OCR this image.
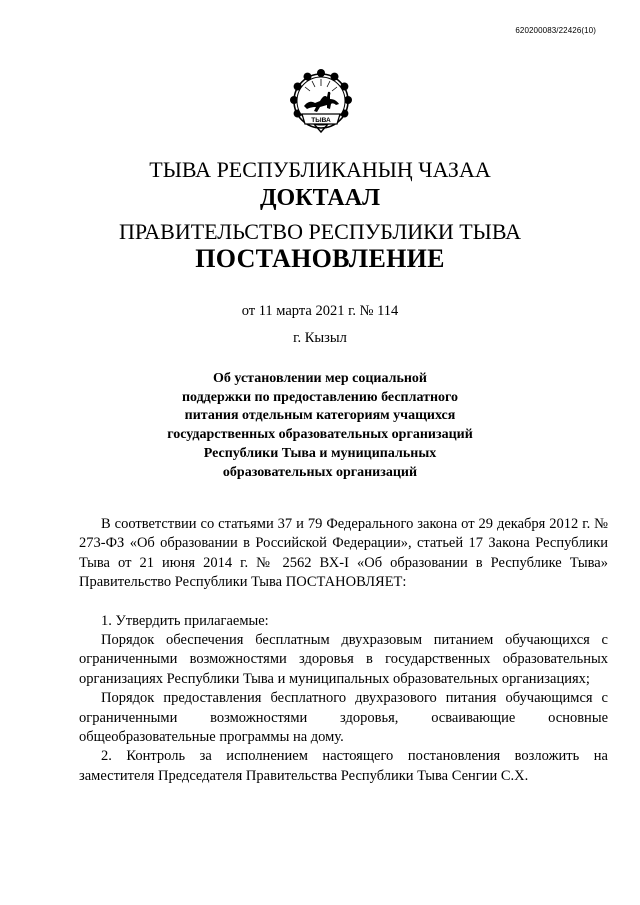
620200083/22426(10)
ТЫВА
ТЫВА РЕСПУБЛИКАНЫҢ ЧАЗАА
ДОКТААЛ
ПРАВИТЕЛЬСТВО РЕСПУБЛИКИ ТЫВА
ПОСТАНОВЛЕНИЕ
от 11 марта 2021 г. № 114
г. Кызыл
Об установлении мер социальной
поддержки по предоставлению бесплатного
питания отдельным категориям учащихся
государственных образовательных организаций
Республики Тыва и муниципальных
образовательных организаций

В соответствии со статьями 37 и 79 Федерального закона от 29 декабря 2012 г. № 273-ФЗ «Об образовании в Российской Федерации», статьей 17 Закона Республики Тыва от 21 июня 2014 г. № 2562 ВХ-I «Об образовании в Республике Тыва» Правительство Республики Тыва ПОСТАНОВЛЯЕТ:

1. Утвердить прилагаемые:

Порядок обеспечения бесплатным двухразовым питанием обучающихся с ограниченными возможностями здоровья в государственных образовательных организациях Республики Тыва и муниципальных образовательных организациях;

Порядок предоставления бесплатного двухразового питания обучающимся с ограниченными возможностями здоровья, осваивающие основные общеобразовательные программы на дому.

2. Контроль за исполнением настоящего постановления возложить на заместителя Председателя Правительства Республики Тыва Сенгии С.Х.
